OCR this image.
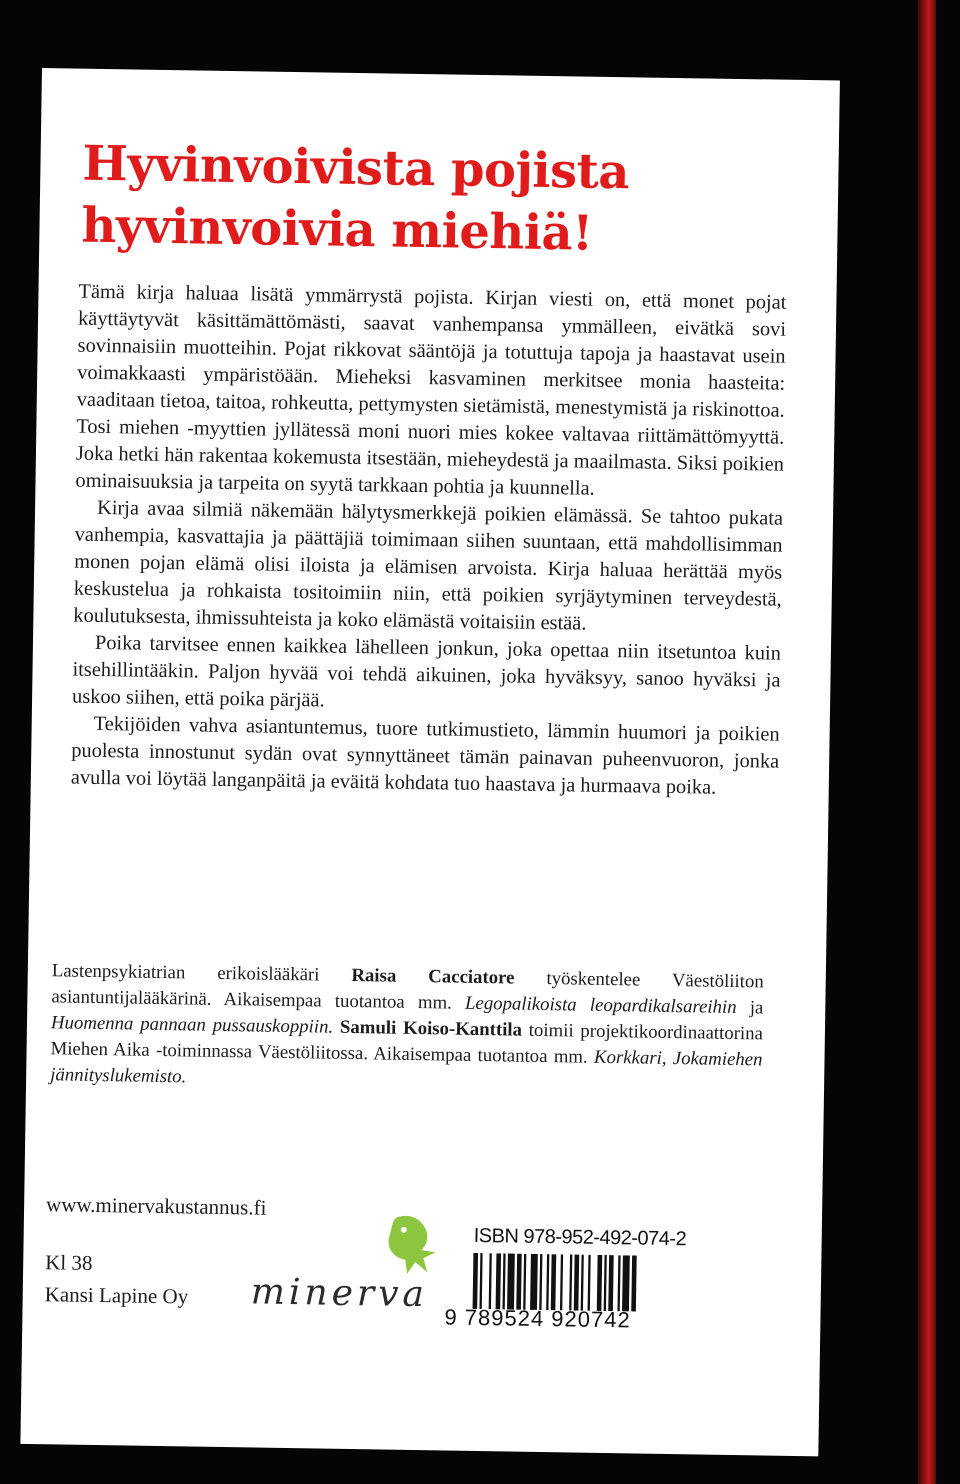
Hyvinvoivista pojista
hyvinvoivia miehiä!

Tämä kirja haluaa lisätä ymmärrystä pojista. Kirjan viesti on, että monet pojat käyttäytyvät käsittämättömästi, saavat vanhempansa ymmälleen, eivätkä sovi sovinnaisiin muotteihin. Pojat rikkovat sääntöjä ja totuttuja tapoja ja haastavat usein voimakkaasti ympäristöään. Mieheksi kasvaminen merkitsee monia haasteita: vaaditaan tietoa, taitoa, rohkeutta, pettymysten sietämistä, menestymistä ja riskinottoa. Tosi miehen -myyttien jyllätessä moni nuori mies kokee valtavaa riittämättömyyttä. Joka hetki hän rakentaa kokemusta itsestään, mieheydestä ja maailmasta. Siksi poikien ominaisuuksia ja tarpeita on syytä tarkkaan pohtia ja kuunnella.

Kirja avaa silmiä näkemään hälytysmerkkejä poikien elämässä. Se tahtoo pukata vanhempia, kasvattajia ja päättäjiä toimimaan siihen suuntaan, että mahdollisimman monen pojan elämä olisi iloista ja elämisen arvoista. Kirja haluaa herättää myös keskustelua ja rohkaista tositoimiin niin, että poikien syrjäytyminen terveydestä, koulutuksesta, ihmissuhteista ja koko elämästä voitaisiin estää.

Poika tarvitsee ennen kaikkea lähelleen jonkun, joka opettaa niin itsetuntoa kuin itsehillintääkin. Paljon hyvää voi tehdä aikuinen, joka hyväksyy, sanoo hyväksi ja uskoo siihen, että poika pärjää.

Tekijöiden vahva asiantuntemus, tuore tutkimustieto, lämmin huumori ja poikien puolesta innostunut sydän ovat synnyttäneet tämän painavan puheenvuoron, jonka avulla voi löytää langanpäitä ja eväitä kohdata tuo haastava ja hurmaava poika.

Lastenpsykiatrian erikoislääkäri Raisa Cacciatore työskentelee Väestöliiton asiantuntijalääkärinä. Aikaisempaa tuotantoa mm. Legopalikoista leopardikalsareihin ja Huomenna pannaan pussauskoppiin. Samuli Koiso-Kanttila toimii projektikoordinaattorina Miehen Aika -toiminnassa Väestöliitossa. Aikaisempaa tuotantoa mm. Korkkari, Jokamiehen jännityslukemisto.

www.minervakustannus.fi
Kl 38
Kansi Lapine Oy minerva

ISBN 978-952-492-074-2

9 789524 920742
